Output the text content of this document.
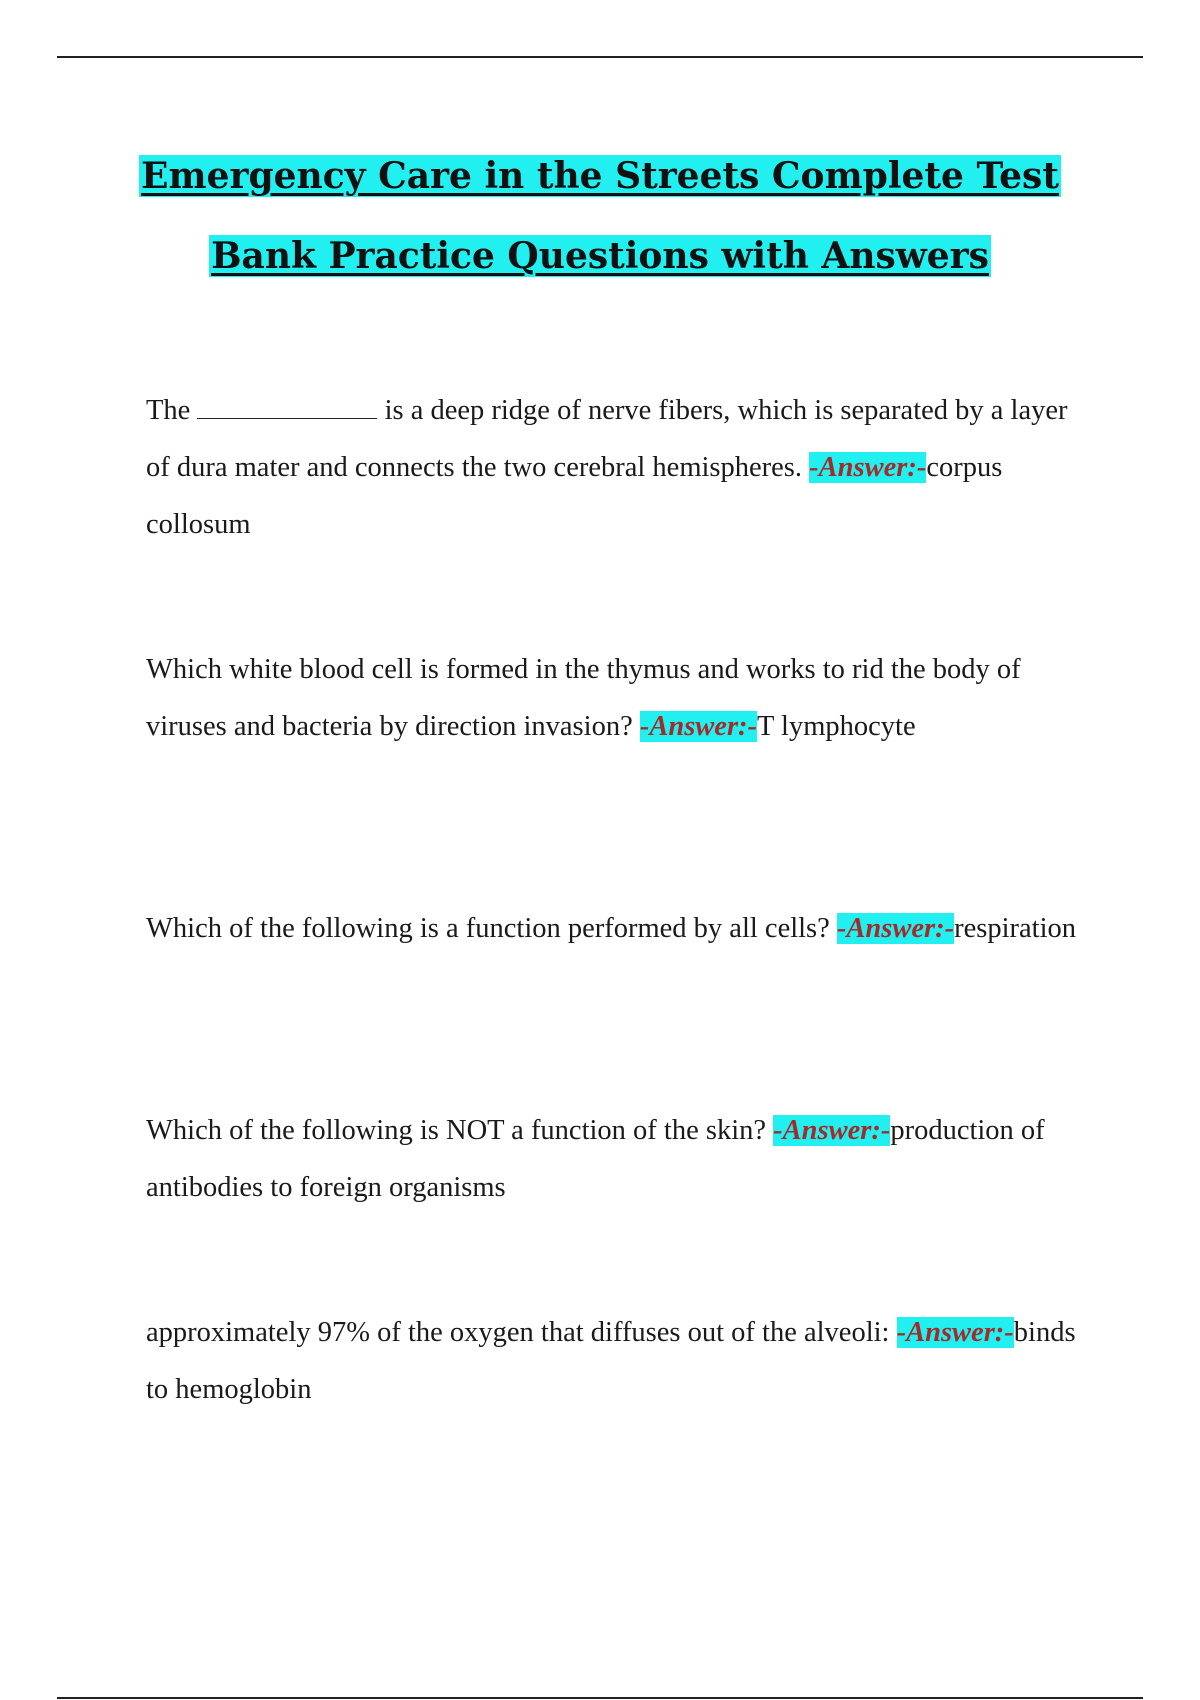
Emergency Care in the Streets Complete Test
Bank Practice Questions with Answers

The	is a deep ridge of nerve fibers, which is separated by a layer of dura mater and connects the two cerebral hemispheres. -Answer:-corpus collosum

Which white blood cell is formed in the thymus and works to rid the body of viruses and bacteria by direction invasion? -Answer:-T lymphocyte

Which of the following is a function performed by all cells? -Answer:-respiration

Which of the following is NOT a function of the skin? -Answer:-production of antibodies to foreign organisms

approximately 97% of the oxygen that diffuses out of the alveoli: -Answer:-binds to hemoglobin
